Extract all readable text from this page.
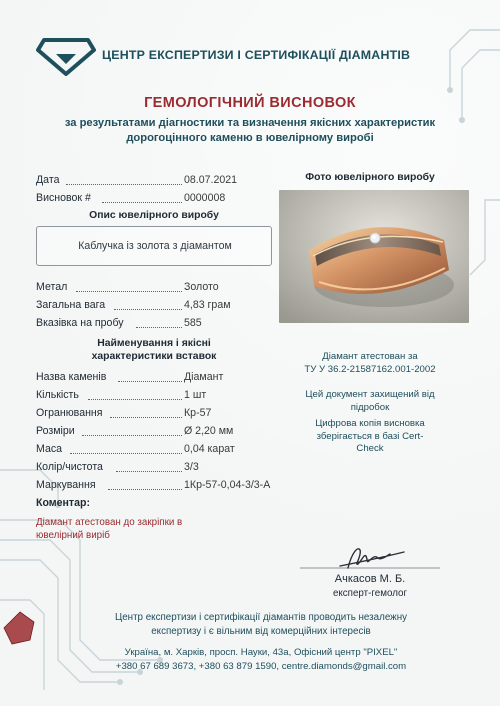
ЦЕНТР ЕКСПЕРТИЗИ І СЕРТИФІКАЦІЇ ДІАМАНТІВ
ГЕМОЛОГІЧНИЙ ВИСНОВОК
за результатами діагностики та визначення якісних характеристик
дорогоцінного каменю в ювелірному виробі
Дата	08.07.2021
Висновок #	0000008
Опис ювелірного виробу
Каблучка із золота з діамантом
Метал	Золото
Загальна вага	4,83 грам
Вказівка на пробу	585
Найменування і якісні
характеристики вставок
Назва каменів	Діамант
Кількість	1 шт
Огранювання	Кр-57
Розміри	Ø 2,20 мм
Маса	0,04 карат
Колір/чистота	3/3
Маркування	1Кр-57-0,04-3/3-А
Коментар:
Діамант атестован до закріпки в
ювелірний виріб
Фото ювелірного виробу
Діамант атестован за
ТУ У 36.2-21587162.001-2002
Цей документ захищений від
підробок
Цифрова копія висновка
зберігається в базі Cert-
Check
Ачкасов М. Б.
експерт-гемолог
Центр експертизи і сертифікації діамантів проводить незалежну
експертизу і є вільним від комерційних інтересів
Україна, м. Харків, просп. Науки, 43а, Офісний центр "PIXEL"
+380 67 689 3673, +380 63 879 1590, centre.diamonds@gmail.com
